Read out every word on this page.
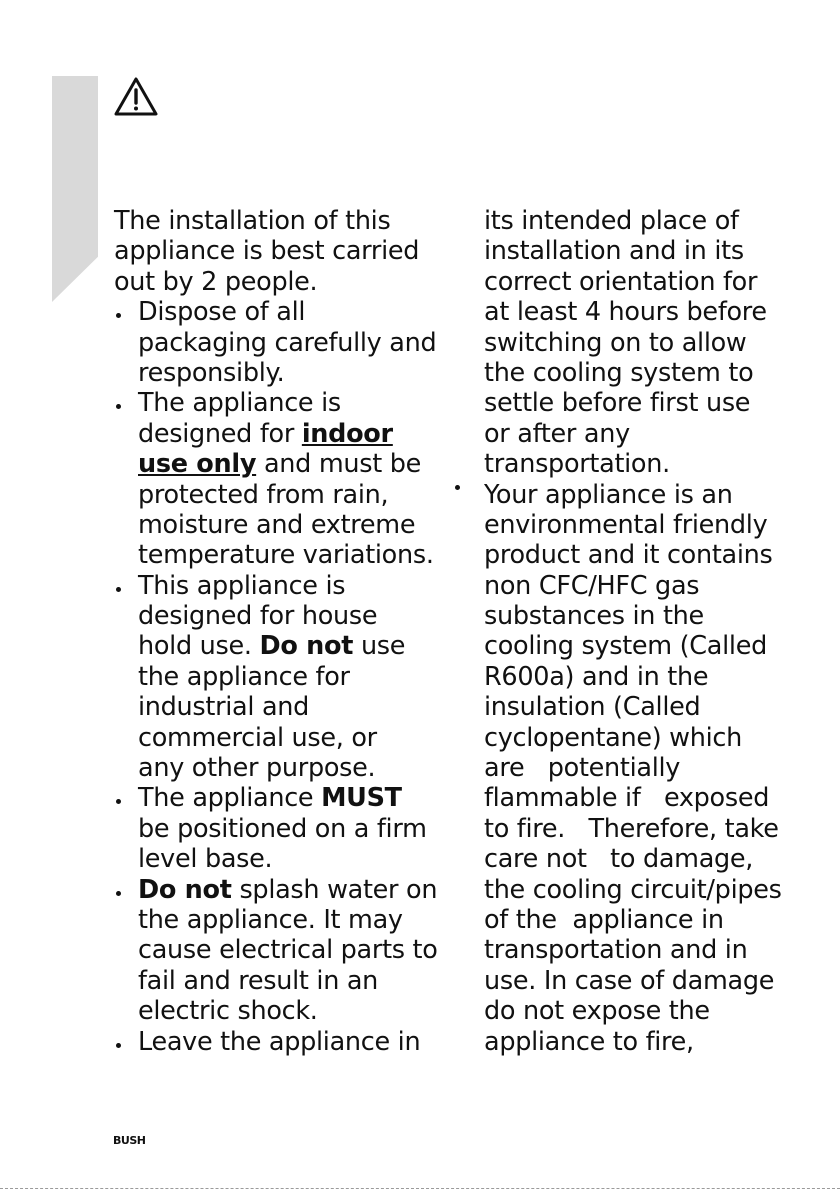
The installation of this
appliance is best carried
out by 2 people.
Dispose of all
packaging carefully and
responsibly.
The appliance is
designed for indoor
use only and must be
protected from rain,
moisture and extreme
temperature variations.
This appliance is
designed for house
hold use. Do not use
the appliance for
industrial and
commercial use, or
any other purpose.
The appliance MUST
be positioned on a firm
level base.
Do not splash water on
the appliance. It may
cause electrical parts to
fail and result in an
electric shock.
Leave the appliance in
its intended place of
installation and in its
correct orientation for
at least 4 hours before
switching on to allow
the cooling system to
settle before first use
or after any
transportation.
Your appliance is an
environmental friendly
product and it contains
non CFC/HFC gas
substances in the
cooling system (Called
R600a) and in the
insulation (Called
cyclopentane) which
are   potentially
flammable if   exposed
to fire.   Therefore, take
care not   to damage,
the cooling circuit/pipes
of the  appliance in
transportation and in
use. In case of damage
do not expose the
appliance to fire,
BUSH
